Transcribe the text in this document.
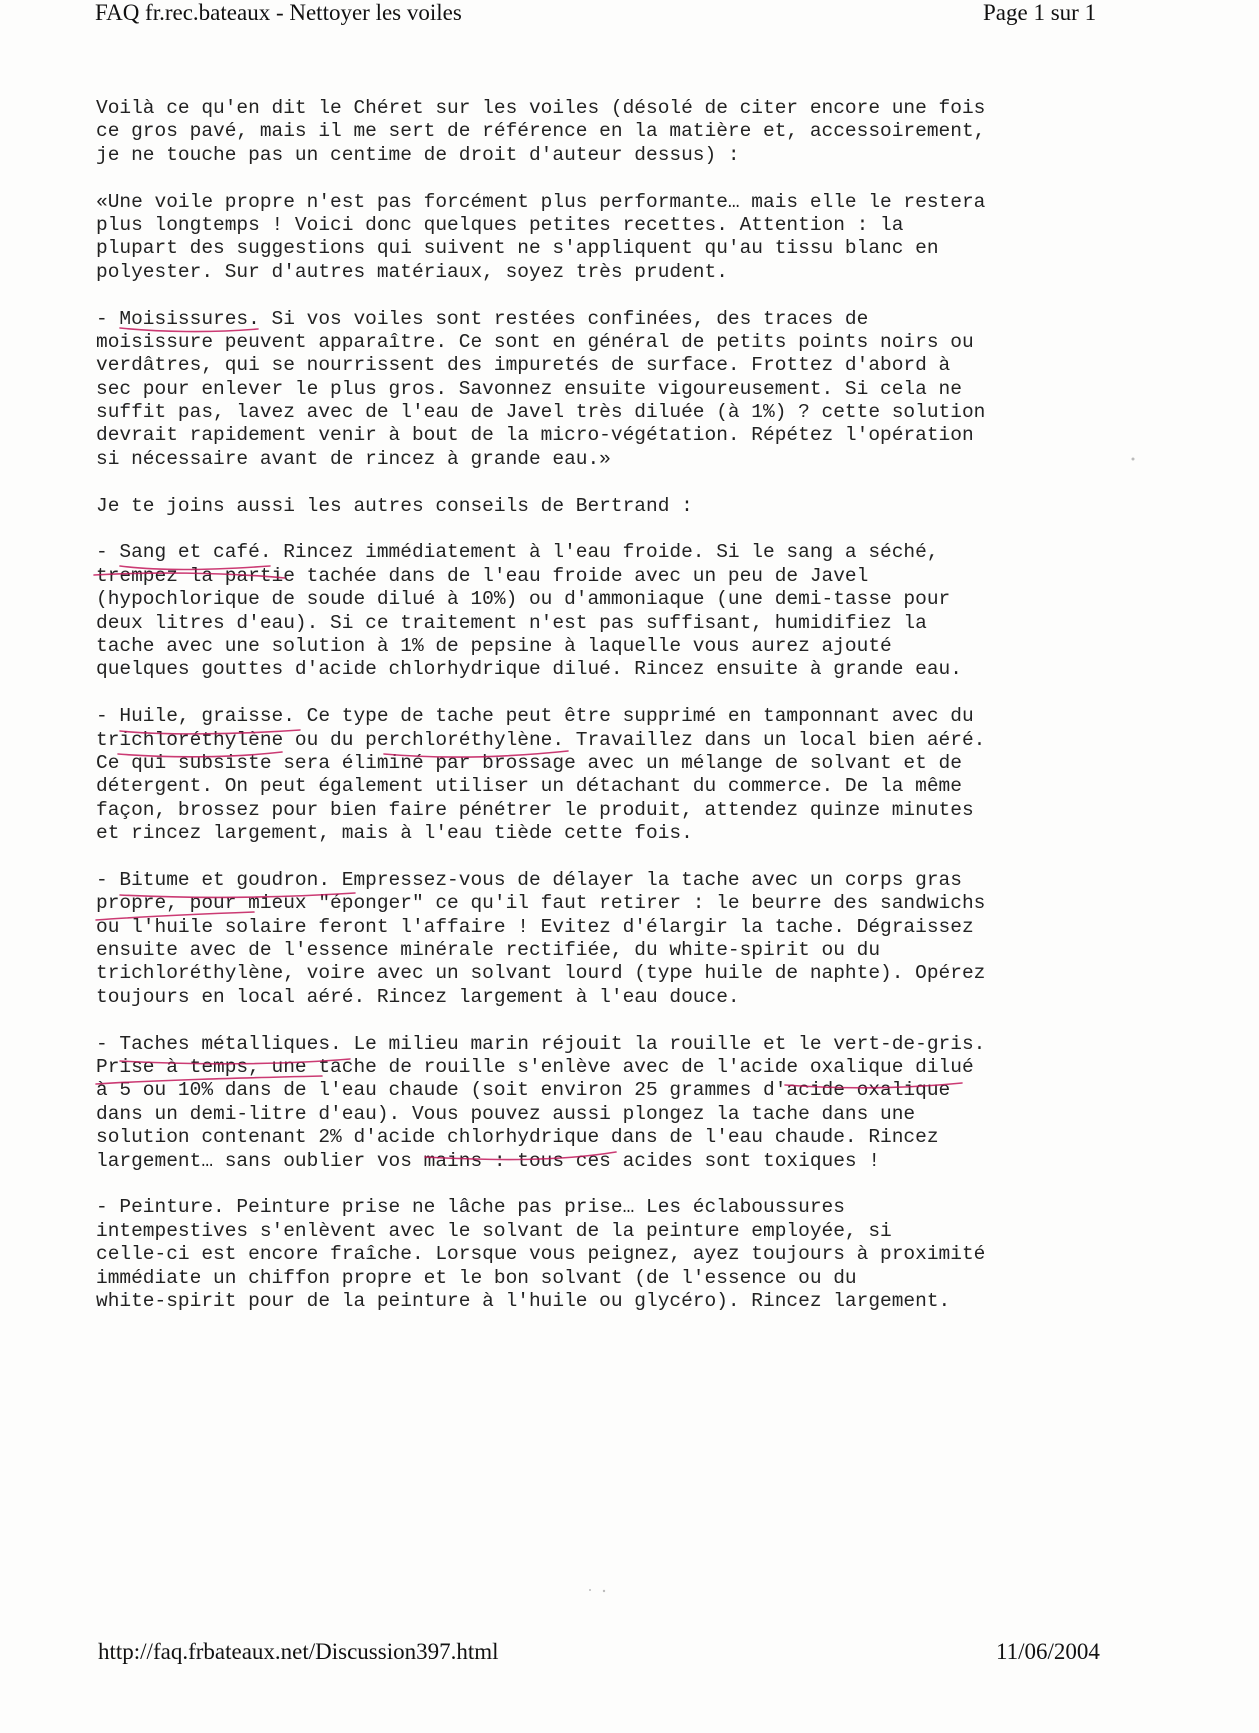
FAQ fr.rec.bateaux - Nettoyer les voiles	Page 1 sur 1
Voilà ce qu'en dit le Chéret sur les voiles (désolé de citer encore une fois
ce gros pavé, mais il me sert de référence en la matière et, accessoirement,
je ne touche pas un centime de droit d'auteur dessus) :
«Une voile propre n'est pas forcément plus performante… mais elle le restera
plus longtemps ! Voici donc quelques petites recettes. Attention : la
plupart des suggestions qui suivent ne s'appliquent qu'au tissu blanc en
polyester. Sur d'autres matériaux, soyez très prudent.
- Moisissures. Si vos voiles sont restées confinées, des traces de
moisissure peuvent apparaître. Ce sont en général de petits points noirs ou
verdâtres, qui se nourrissent des impuretés de surface. Frottez d'abord à
sec pour enlever le plus gros. Savonnez ensuite vigoureusement. Si cela ne
suffit pas, lavez avec de l'eau de Javel très diluée (à 1%) ? cette solution
devrait rapidement venir à bout de la micro-végétation. Répétez l'opération
si nécessaire avant de rincez à grande eau.»
Je te joins aussi les autres conseils de Bertrand :
- Sang et café. Rincez immédiatement à l'eau froide. Si le sang a séché,
trempez la partie tachée dans de l'eau froide avec un peu de Javel
(hypochlorique de soude dilué à 10%) ou d'ammoniaque (une demi-tasse pour
deux litres d'eau). Si ce traitement n'est pas suffisant, humidifiez la
tache avec une solution à 1% de pepsine à laquelle vous aurez ajouté
quelques gouttes d'acide chlorhydrique dilué. Rincez ensuite à grande eau.
- Huile, graisse. Ce type de tache peut être supprimé en tamponnant avec du
trichloréthylène ou du perchloréthylène. Travaillez dans un local bien aéré.
Ce qui subsiste sera éliminé par brossage avec un mélange de solvant et de
détergent. On peut également utiliser un détachant du commerce. De la même
façon, brossez pour bien faire pénétrer le produit, attendez quinze minutes
et rincez largement, mais à l'eau tiède cette fois.
- Bitume et goudron. Empressez-vous de délayer la tache avec un corps gras
propre, pour mieux "éponger" ce qu'il faut retirer : le beurre des sandwichs
ou l'huile solaire feront l'affaire ! Evitez d'élargir la tache. Dégraissez
ensuite avec de l'essence minérale rectifiée, du white-spirit ou du
trichloréthylène, voire avec un solvant lourd (type huile de naphte). Opérez
toujours en local aéré. Rincez largement à l'eau douce.
- Taches métalliques. Le milieu marin réjouit la rouille et le vert-de-gris.
Prise à temps, une tache de rouille s'enlève avec de l'acide oxalique dilué
à 5 ou 10% dans de l'eau chaude (soit environ 25 grammes d'acide oxalique
dans un demi-litre d'eau). Vous pouvez aussi plongez la tache dans une
solution contenant 2% d'acide chlorhydrique dans de l'eau chaude. Rincez
largement… sans oublier vos mains : tous ces acides sont toxiques !
- Peinture. Peinture prise ne lâche pas prise… Les éclaboussures
intempestives s'enlèvent avec le solvant de la peinture employée, si
celle-ci est encore fraîche. Lorsque vous peignez, ayez toujours à proximité
immédiate un chiffon propre et le bon solvant (de l'essence ou du
white-spirit pour de la peinture à l'huile ou glycéro). Rincez largement.
http://faq.frbateaux.net/Discussion397.html	11/06/2004
